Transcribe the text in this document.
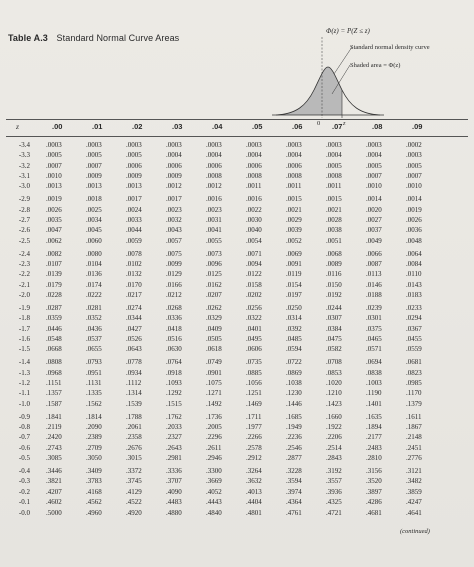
Table A.3 Standard Normal Curve Areas
Φ(z) = P(Z ≤ z)
Standard normal density curve
Shaded area = Φ(z)
0	z
z	.00	.01	.02	.03	.04	.05	.06	.07	.08	.09
-3.4 .0003	.0003	.0003	.0003	.0003	.0003	.0003	.0003	.0003	.0002
-3.3 .0005	.0005	.0005	.0004	.0004	.0004	.0004	.0004	.0004	.0003
-3.2 .0007	.0007	.0006	.0006	.0006	.0006	.0006	.0005	.0005	.0005
-3.1 .0010	.0009	.0009	.0009	.0008	.0008	.0008	.0008	.0007	.0007
-3.0 .0013	.0013	.0013	.0012	.0012	.0011	.0011	.0011	.0010	.0010
-2.9 .0019	.0018	.0017	.0017	.0016	.0016	.0015	.0015	.0014	.0014
-2.8 .0026	.0025	.0024	.0023	.0023	.0022	.0021	.0021	.0020	.0019
-2.7 .0035	.0034	.0033	.0032	.0031	.0030	.0029	.0028	.0027	.0026
-2.6 .0047	.0045	.0044	.0043	.0041	.0040	.0039	.0038	.0037	.0036
-2.5 .0062	.0060	.0059	.0057	.0055	.0054	.0052	.0051	.0049	.0048
-2.4 .0082	.0080	.0078	.0075	.0073	.0071	.0069	.0068	.0066	.0064
-2.3 .0107	.0104	.0102	.0099	.0096	.0094	.0091	.0089	.0087	.0084
-2.2 .0139	.0136	.0132	.0129	.0125	.0122	.0119	.0116	.0113	.0110
-2.1 .0179	.0174	.0170	.0166	.0162	.0158	.0154	.0150	.0146	.0143
-2.0 .0228	.0222	.0217	.0212	.0207	.0202	.0197	.0192	.0188	.0183
-1.9 .0287	.0281	.0274	.0268	.0262	.0256	.0250	.0244	.0239	.0233
-1.8 .0359	.0352	.0344	.0336	.0329	.0322	.0314	.0307	.0301	.0294
-1.7 .0446	.0436	.0427	.0418	.0409	.0401	.0392	.0384	.0375	.0367
-1.6 .0548	.0537	.0526	.0516	.0505	.0495	.0485	.0475	.0465	.0455
-1.5 .0668	.0655	.0643	.0630	.0618	.0606	.0594	.0582	.0571	.0559
-1.4 .0808	.0793	.0778	.0764	.0749	.0735	.0722	.0708	.0694	.0681
-1.3 .0968	.0951	.0934	.0918	.0901	.0885	.0869	.0853	.0838	.0823
-1.2 .1151	.1131	.1112	.1093	.1075	.1056	.1038	.1020	.1003	.0985
-1.1 .1357	.1335	.1314	.1292	.1271	.1251	.1230	.1210	.1190	.1170
-1.0 .1587	.1562	.1539	.1515	.1492	.1469	.1446	.1423	.1401	.1379
-0.9 .1841	.1814	.1788	.1762	.1736	.1711	.1685	.1660	.1635	.1611
-0.8 .2119	.2090	.2061	.2033	.2005	.1977	.1949	.1922	.1894	.1867
-0.7 .2420	.2389	.2358	.2327	.2296	.2266	.2236	.2206	.2177	.2148
-0.6 .2743	.2709	.2676	.2643	.2611	.2578	.2546	.2514	.2483	.2451
-0.5 .3085	.3050	.3015	.2981	.2946	.2912	.2877	.2843	.2810	.2776
-0.4 .3446	.3409	.3372	.3336	.3300	.3264	.3228	.3192	.3156	.3121
-0.3 .3821	.3783	.3745	.3707	.3669	.3632	.3594	.3557	.3520	.3482
-0.2 .4207	.4168	.4129	.4090	.4052	.4013	.3974	.3936	.3897	.3859
-0.1 .4602	.4562	.4522	.4483	.4443	.4404	.4364	.4325	.4286	.4247
-0.0 .5000	.4960	.4920	.4880	.4840	.4801	.4761	.4721	.4681	.4641
(continued)
